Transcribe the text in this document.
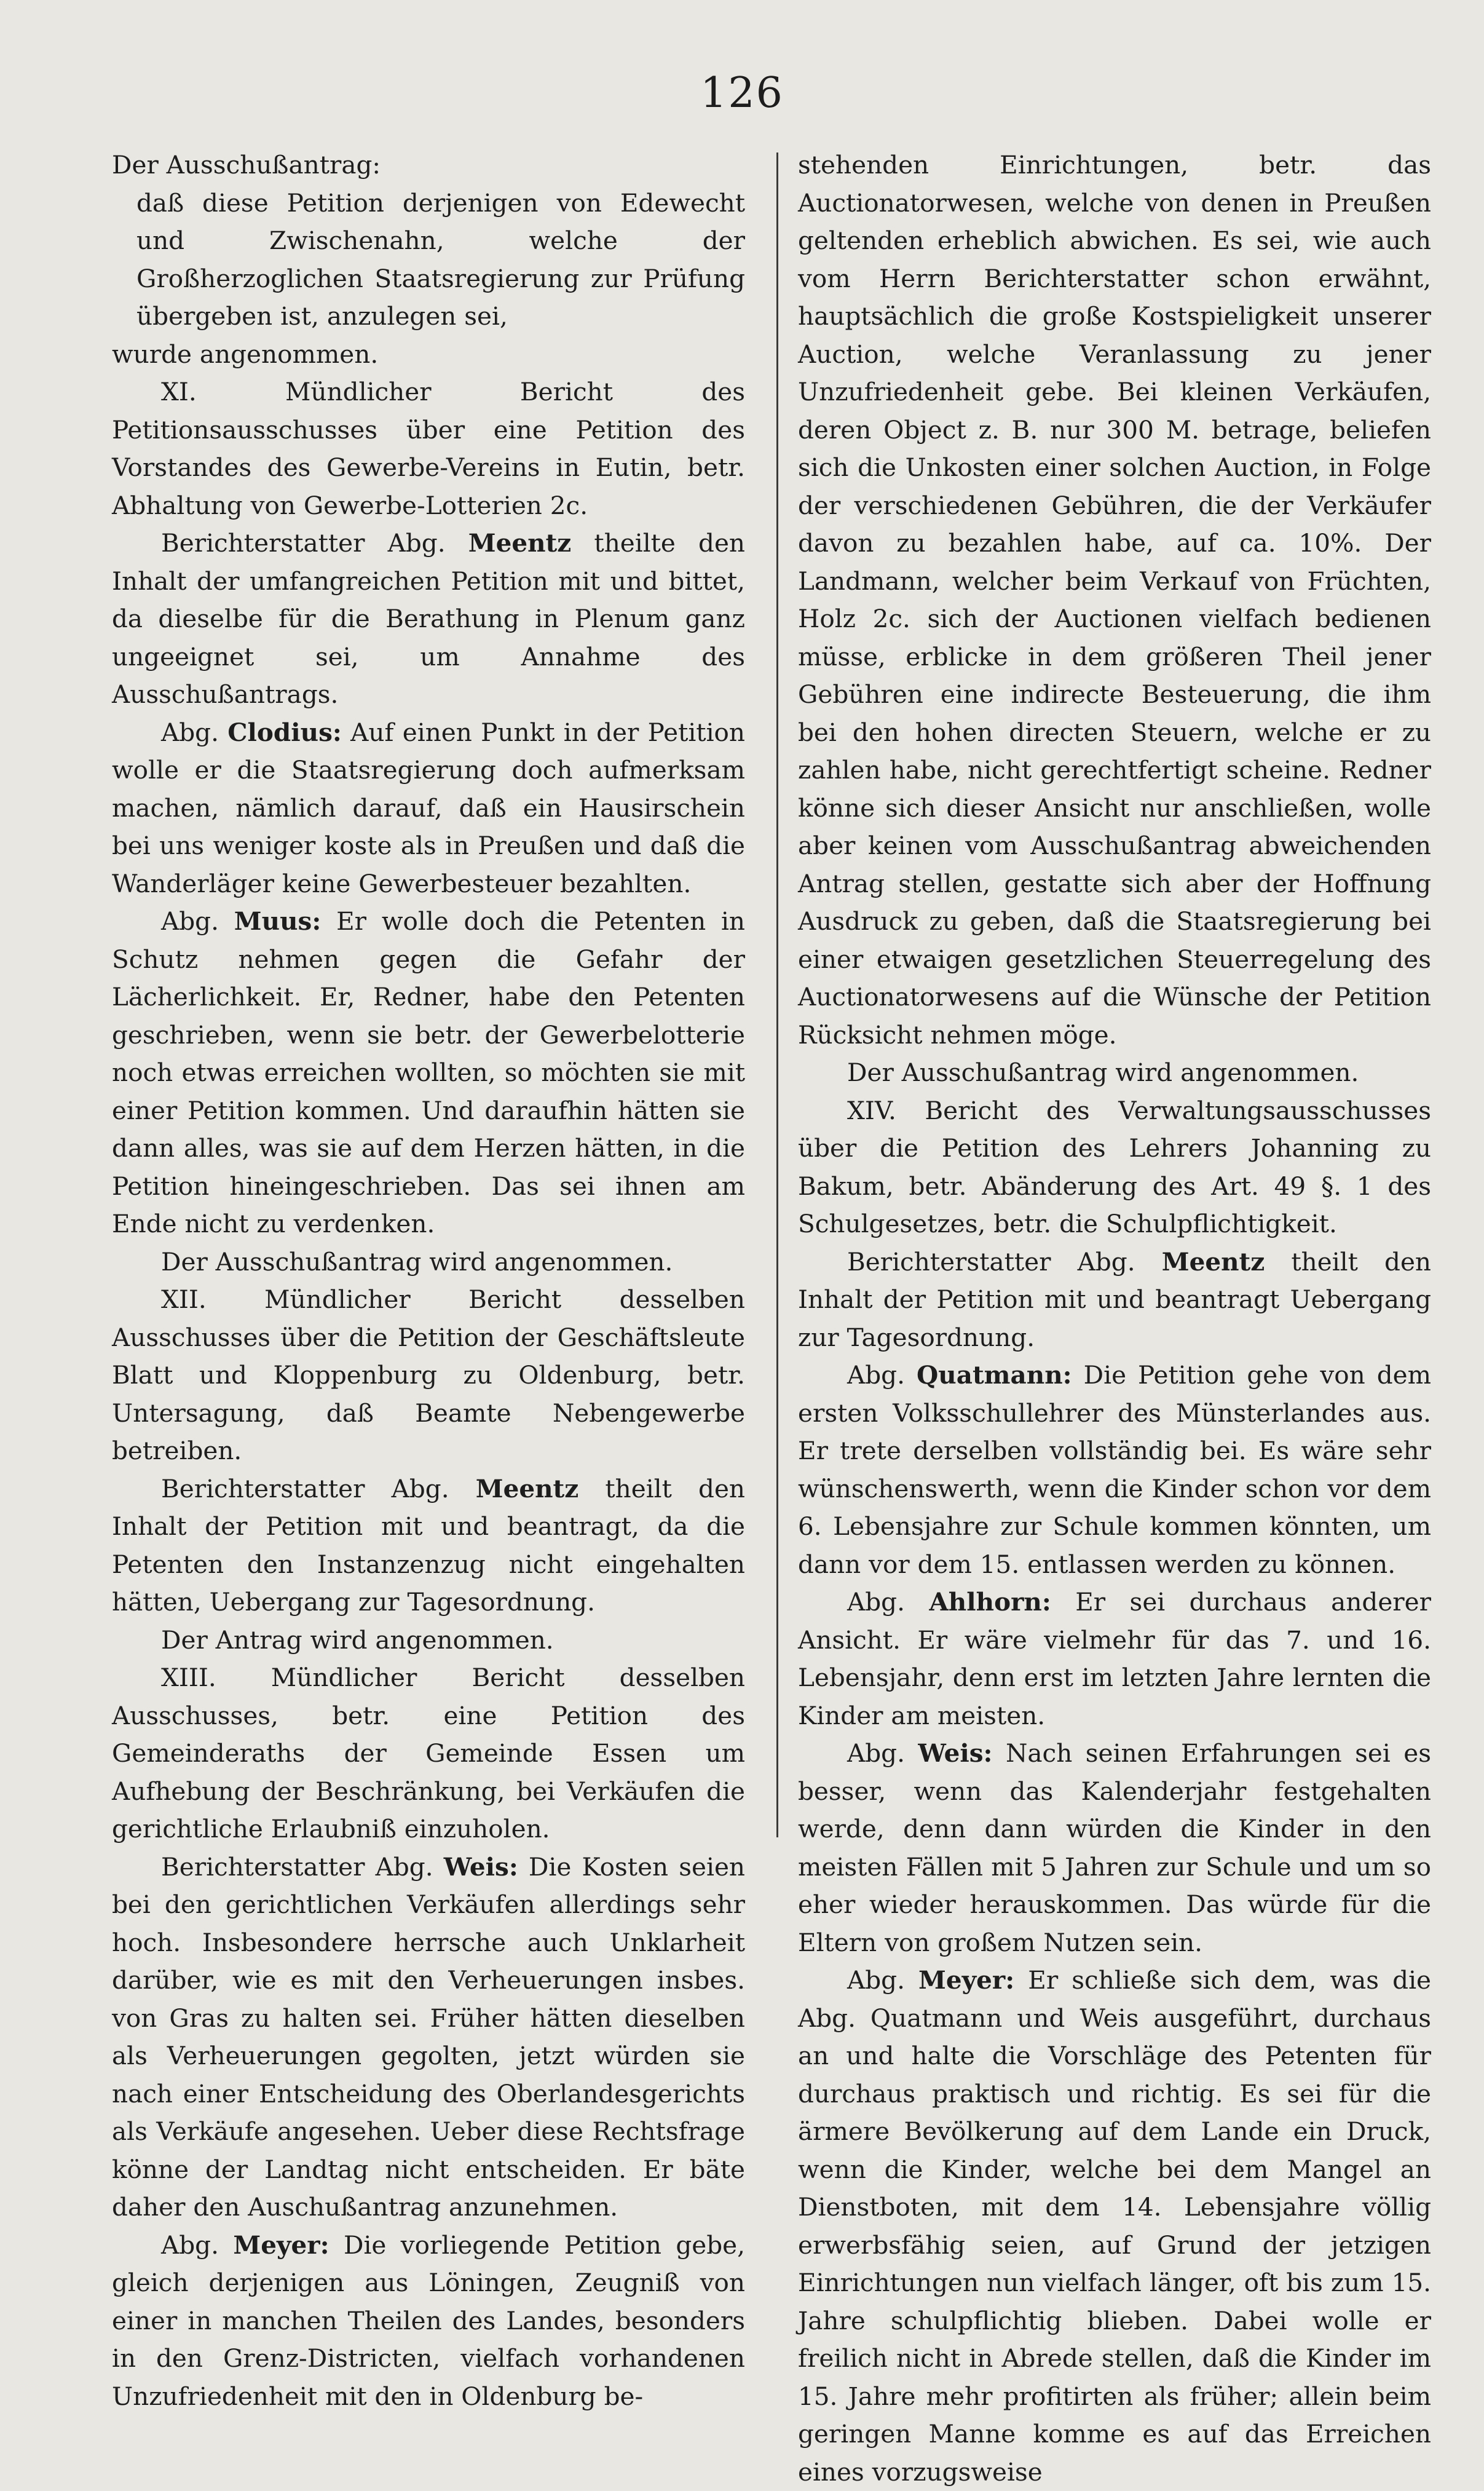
126

Der Ausschußantrag:

daß diese Petition derjenigen von Edewecht und Zwischenahn, welche der Großherzoglichen Staatsregierung zur Prüfung übergeben ist, anzulegen sei,

wurde angenommen.

XI. Mündlicher Bericht des Petitionsausschusses über eine Petition des Vorstandes des Gewerbe-Vereins in Eutin, betr. Abhaltung von Gewerbe-Lotterien 2c.

Berichterstatter Abg. Meentz theilte den Inhalt der umfangreichen Petition mit und bittet, da dieselbe für die Berathung in Plenum ganz ungeeignet sei, um Annahme des Ausschußantrags.

Abg. Clodius: Auf einen Punkt in der Petition wolle er die Staatsregierung doch aufmerksam machen, nämlich darauf, daß ein Hausirschein bei uns weniger koste als in Preußen und daß die Wanderläger keine Gewerbesteuer bezahlten.

Abg. Muus: Er wolle doch die Petenten in Schutz nehmen gegen die Gefahr der Lächerlichkeit. Er, Redner, habe den Petenten geschrieben, wenn sie betr. der Gewerbelotterie noch etwas erreichen wollten, so möchten sie mit einer Petition kommen. Und daraufhin hätten sie dann alles, was sie auf dem Herzen hätten, in die Petition hineingeschrieben. Das sei ihnen am Ende nicht zu verdenken.

Der Ausschußantrag wird angenommen.

XII. Mündlicher Bericht desselben Ausschusses über die Petition der Geschäftsleute Blatt und Kloppenburg zu Oldenburg, betr. Untersagung, daß Beamte Nebengewerbe betreiben.

Berichterstatter Abg. Meentz theilt den Inhalt der Petition mit und beantragt, da die Petenten den Instanzenzug nicht eingehalten hätten, Uebergang zur Tagesordnung.

Der Antrag wird angenommen.

XIII. Mündlicher Bericht desselben Ausschusses, betr. eine Petition des Gemeinderaths der Gemeinde Essen um Aufhebung der Beschränkung, bei Verkäufen die gerichtliche Erlaubniß einzuholen.

Berichterstatter Abg. Weis: Die Kosten seien bei den gerichtlichen Verkäufen allerdings sehr hoch. Insbesondere herrsche auch Unklarheit darüber, wie es mit den Verheuerungen insbes. von Gras zu halten sei. Früher hätten dieselben als Verheuerungen gegolten, jetzt würden sie nach einer Entscheidung des Oberlandesgerichts als Verkäufe angesehen. Ueber diese Rechtsfrage könne der Landtag nicht entscheiden. Er bäte daher den Auschußantrag anzunehmen.

Abg. Meyer: Die vorliegende Petition gebe, gleich derjenigen aus Löningen, Zeugniß von einer in manchen Theilen des Landes, besonders in den Grenz-Districten, vielfach vorhandenen Unzufriedenheit mit den in Oldenburg be-

stehenden Einrichtungen, betr. das Auctionatorwesen, welche von denen in Preußen geltenden erheblich abwichen. Es sei, wie auch vom Herrn Berichterstatter schon erwähnt, hauptsächlich die große Kostspieligkeit unserer Auction, welche Veranlassung zu jener Unzufriedenheit gebe. Bei kleinen Verkäufen, deren Object z. B. nur 300 M. betrage, beliefen sich die Unkosten einer solchen Auction, in Folge der verschiedenen Gebühren, die der Verkäufer davon zu bezahlen habe, auf ca. 10%. Der Landmann, welcher beim Verkauf von Früchten, Holz 2c. sich der Auctionen vielfach bedienen müsse, erblicke in dem größeren Theil jener Gebühren eine indirecte Besteuerung, die ihm bei den hohen directen Steuern, welche er zu zahlen habe, nicht gerechtfertigt scheine. Redner könne sich dieser Ansicht nur anschließen, wolle aber keinen vom Ausschußantrag abweichenden Antrag stellen, gestatte sich aber der Hoffnung Ausdruck zu geben, daß die Staatsregierung bei einer etwaigen gesetzlichen Steuerregelung des Auctionatorwesens auf die Wünsche der Petition Rücksicht nehmen möge.

Der Ausschußantrag wird angenommen.

XIV. Bericht des Verwaltungsausschusses über die Petition des Lehrers Johanning zu Bakum, betr. Abänderung des Art. 49 §. 1 des Schulgesetzes, betr. die Schulpflichtigkeit.

Berichterstatter Abg. Meentz theilt den Inhalt der Petition mit und beantragt Uebergang zur Tagesordnung.

Abg. Quatmann: Die Petition gehe von dem ersten Volksschullehrer des Münsterlandes aus. Er trete derselben vollständig bei. Es wäre sehr wünschenswerth, wenn die Kinder schon vor dem 6. Lebensjahre zur Schule kommen könnten, um dann vor dem 15. entlassen werden zu können.

Abg. Ahlhorn: Er sei durchaus anderer Ansicht. Er wäre vielmehr für das 7. und 16. Lebensjahr, denn erst im letzten Jahre lernten die Kinder am meisten.

Abg. Weis: Nach seinen Erfahrungen sei es besser, wenn das Kalenderjahr festgehalten werde, denn dann würden die Kinder in den meisten Fällen mit 5 Jahren zur Schule und um so eher wieder herauskommen. Das würde für die Eltern von großem Nutzen sein.

Abg. Meyer: Er schließe sich dem, was die Abg. Quatmann und Weis ausgeführt, durchaus an und halte die Vorschläge des Petenten für durchaus praktisch und richtig. Es sei für die ärmere Bevölkerung auf dem Lande ein Druck, wenn die Kinder, welche bei dem Mangel an Dienstboten, mit dem 14. Lebensjahre völlig erwerbsfähig seien, auf Grund der jetzigen Einrichtungen nun vielfach länger, oft bis zum 15. Jahre schulpflichtig blieben. Dabei wolle er freilich nicht in Abrede stellen, daß die Kinder im 15. Jahre mehr profitirten als früher; allein beim geringen Manne komme es auf das Erreichen eines vorzugsweise
